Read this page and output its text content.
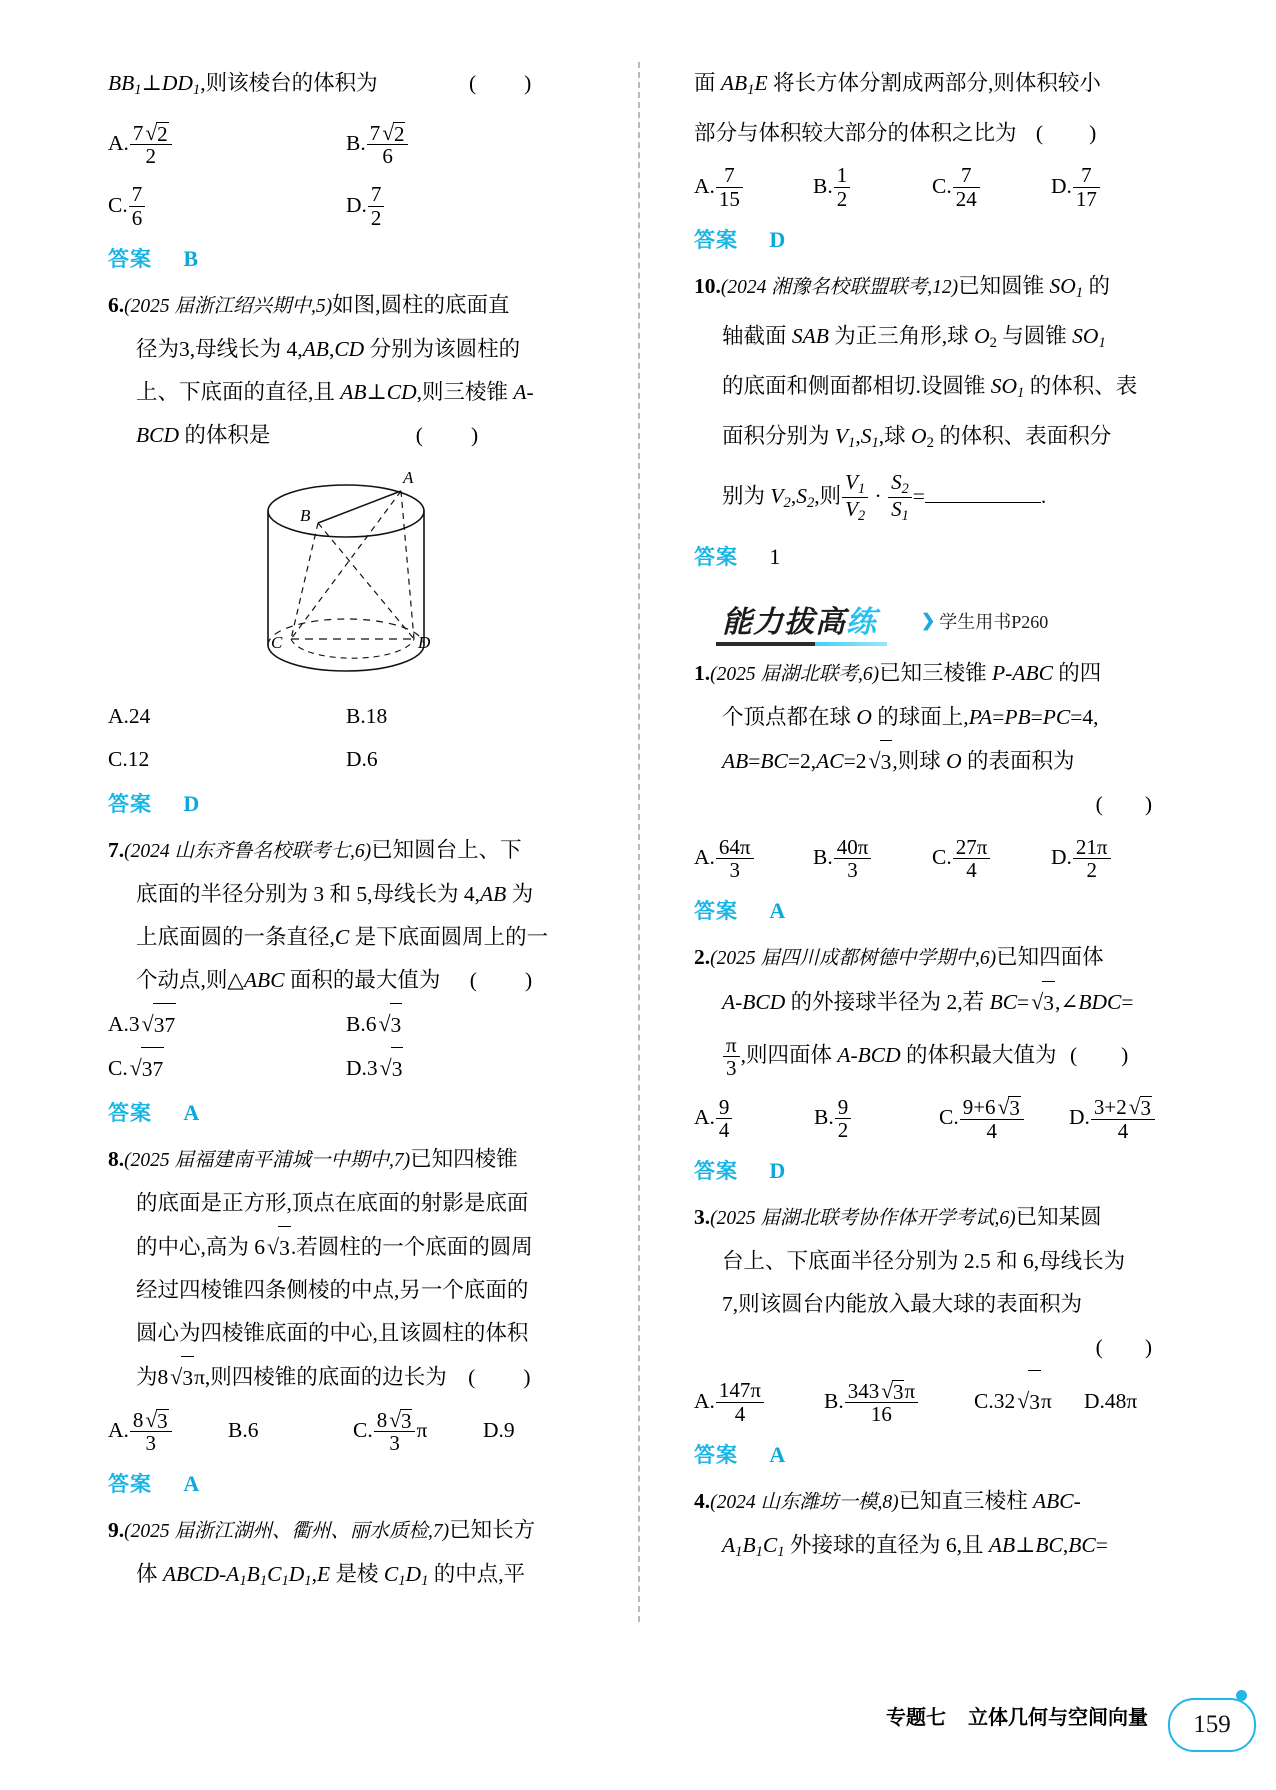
$BB_1\perp DD_1$,则该棱台的体积为	( )
A. $\frac{7√2}{2}$	B. $\frac{7√2}{6}$
C. $\frac{7}{6}$	D. $\frac{7}{2}$
答案 B
6.(2025 届浙江绍兴期中,5)如图,圆柱的底面直
径为3,母线长为 4,AB,CD 分别为该圆柱的
上、下底面的直径,且 AB⊥CD,则三棱锥 A-
BCD 的体积是	( )
A
B
C	D
A.24	B.18
C.12	D.6
答案 D
7.(2024 山东齐鲁名校联考七,6)已知圆台上、下
底面的半径分别为 3 和 5,母线长为 4,AB 为
上底面圆的一条直径,C 是下底面圆周上的一
个动点,则△ABC 面积的最大值为 ( )
A.3√37	B.6√3
C.√37	D.3√3
答案 A
8.(2025 届福建南平浦城一中期中,7)已知四棱锥
的底面是正方形,顶点在底面的射影是底面
的中心,高为 6√3.若圆柱的一个底面的圆周
经过四棱锥四条侧棱的中点,另一个底面的
圆心为四棱锥底面的中心,且该圆柱的体积
为8√3π,则四棱锥的底面的边长为 ( )
A. $\frac{8√3}{3}$	B.6	C. $\frac{8√3}{3}$ π	D.9
答案 A
9.(2025 届浙江湖州、衢州、丽水质检,7)已知长方
体 ABCD-$A_1B_1C_1D_1,E$ 是棱 $C_1D_1$ 的中点,平
面 $AB_1E$ 将长方体分割成两部分,则体积较小
部分与体积较大部分的体积之比为 ( )
A. $\frac{7}{15}$	B. $\frac{1}{2}$	C. $\frac{7}{24}$	D. $\frac{7}{17}$
答案 D
10.(2024 湘豫名校联盟联考,12)已知圆锥 $SO_1$ 的
轴截面 SAB 为正三角形,球 O2 与圆锥 $SO_1$
的底面和侧面都相切.设圆锥 $SO_1$ 的体积、表
面积分别为 $V_1,S_1$,球 O2 的体积、表面积分
别为 $V_2,S_2$,则 $\frac{V_1}{V_2} \cdot \frac{S_2}{S_1}$ =	.
答案 1
能力拔高练	❯ 学生用书P260
1.(2025 届湖北联考,6)已知三棱锥 P-ABC 的四
个顶点都在球 O 的球面上,PA=PB=PC=4,
AB=BC=2,AC=2√3,则球 O 的表面积为
( )
A. $\frac{64\pi}{3}$	B. $\frac{40\pi}{3}$	C. $\frac{27\pi}{4}$	D. $\frac{21\pi}{2}$
答案 A
2.(2025 届四川成都树德中学期中,6)已知四面体
A-BCD 的外接球半径为 2,若 BC=√3,∠BDC=
$\frac{\pi}{3}$ ,则四面体 A-BCD 的体积最大值为 ( )
A. $\frac{9}{4}$	B. $\frac{9}{2}$	C. $\frac{9+6√3}{4} D$. $\frac{3+2√3}{4}$
答案 D
3.(2025 届湖北联考协作体开学考试,6)已知某圆
台上、下底面半径分别为 2.5 和 6,母线长为
7,则该圆台内能放入最大球的表面积为
( )
A. $\frac{147\pi}{4}$	B. $\frac{343√3\pi}{16}$	C.32√3π	D.48π
答案 A
4.(2024 山东潍坊一模,8)已知直三棱柱 ABC-
$A_1B_1C_1$ 外接球的直径为 6,且 AB⊥BC,BC=
专题七 立体几何与空间向量	159
